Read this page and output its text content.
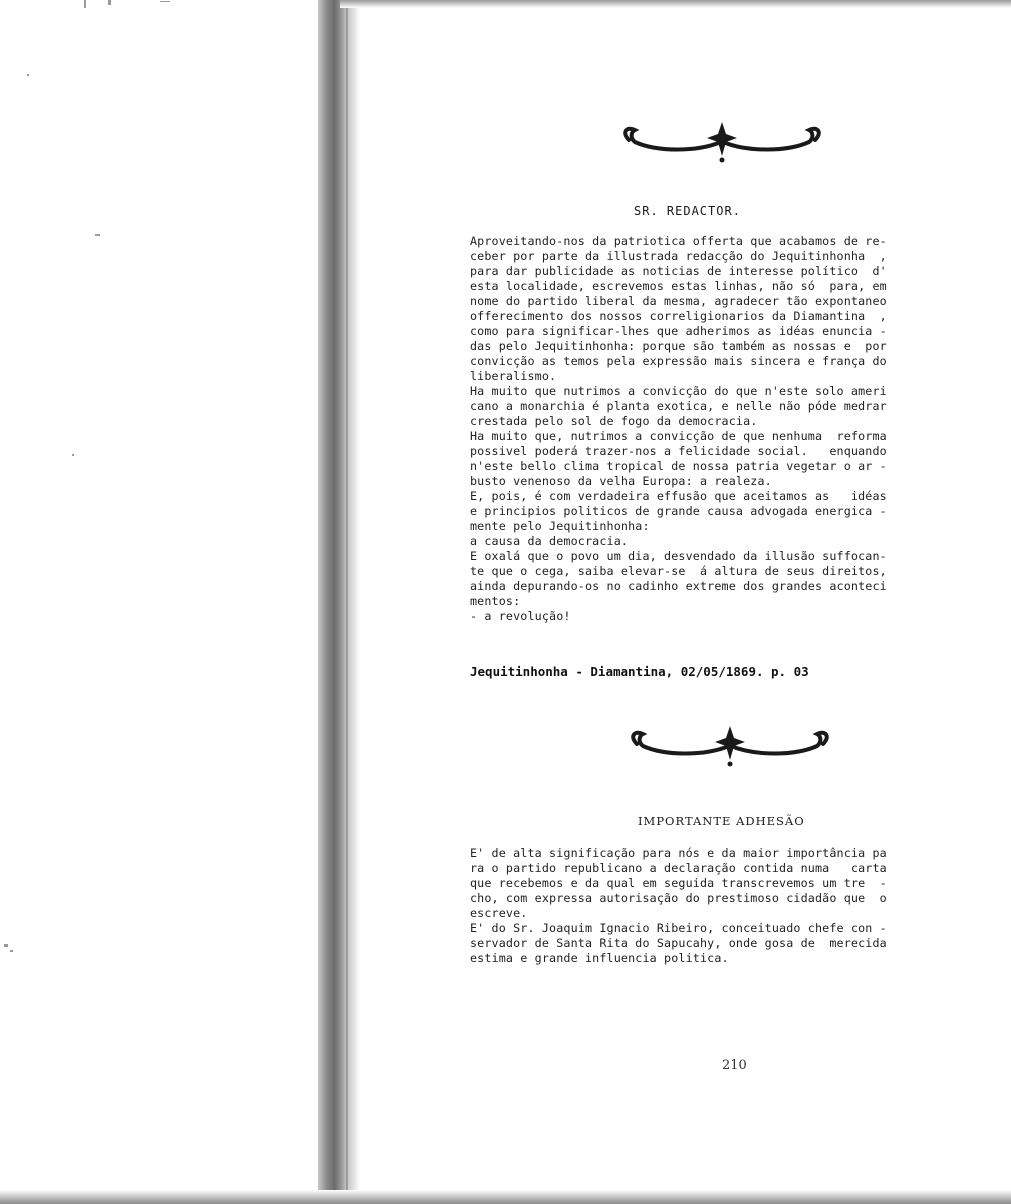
SR. REDACTOR.
Aproveitando-nos da patriotica offerta que acabamos de re-
ceber por parte da illustrada redacção do Jequitinhonha  ,
para dar publicidade as noticias de interesse político  d'
esta localidade, escrevemos estas linhas, não só  para, em
nome do partido liberal da mesma, agradecer tão expontaneo
offerecimento dos nossos correligionarios da Diamantina  ,
como para significar-lhes que adherimos as idéas enuncia -
das pelo Jequitinhonha: porque são também as nossas e  por
convicção as temos pela expressão mais sincera e frança do
liberalismo.
Ha muito que nutrimos a convicção do que n'este solo ameri
cano a monarchia é planta exotica, e nelle não póde medrar
crestada pelo sol de fogo da democracia.
Ha muito que, nutrimos a convicção de que nenhuma  reforma
possivel poderá trazer-nos a felicidade social.   enquando
n'este bello clima tropical de nossa patria vegetar o ar -
busto venenoso da velha Europa: a realeza.
E, pois, é com verdadeira effusão que aceitamos as   idéas
e principios politicos de grande causa advogada energica -
mente pelo Jequitinhonha:
a causa da democracia.
E oxalá que o povo um dia, desvendado da illusão suffocan-
te que o cega, saiba elevar-se  á altura de seus direitos,
ainda depurando-os no cadinho extreme dos grandes aconteci
mentos:
- a revolução!
Jequitinhonha - Diamantina, 02/05/1869. p. 03
IMPORTANTE ADHESÃO
E' de alta significação para nós e da maior importância pa
ra o partido republicano a declaração contida numa   carta
que recebemos e da qual em seguida transcrevemos um tre  -
cho, com expressa autorisação do prestimoso cidadão que  o
escreve.
E' do Sr. Joaquim Ignacio Ribeiro, conceituado chefe con -
servador de Santa Rita do Sapucahy, onde gosa de  merecida
estima e grande influencia politica.
210
